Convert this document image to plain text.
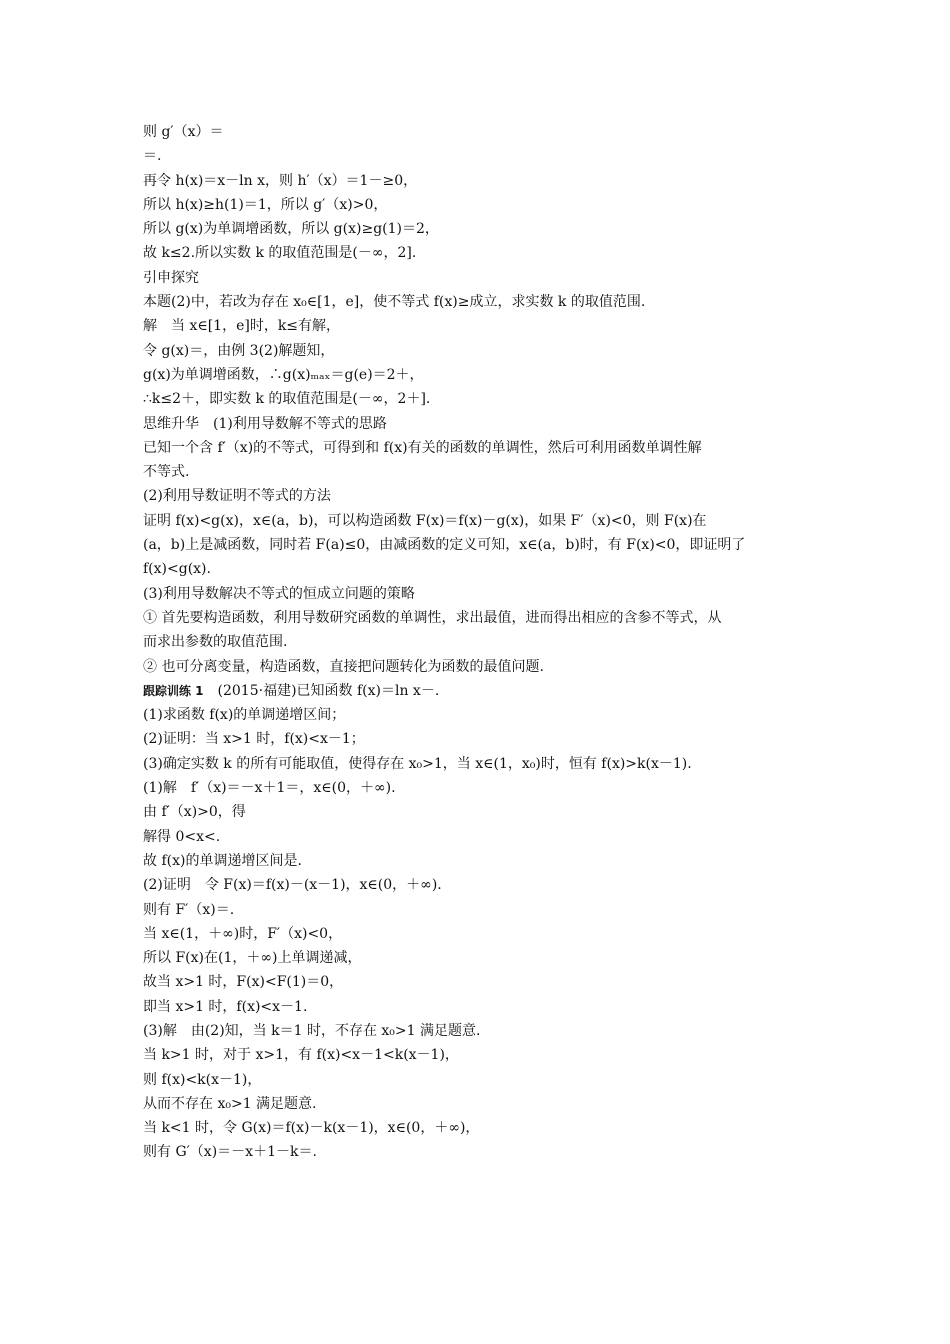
则 g′（x）＝
＝.
再令 h(x)＝x－ln x，则 h′（x）＝1－≥0，
所以 h(x)≥h(1)＝1，所以 g′（x)>0，
所以 g(x)为单调增函数，所以 g(x)≥g(1)＝2，
故 k≤2.所以实数 k 的取值范围是(－∞，2].
引申探究
本题(2)中，若改为存在 x₀∈[1，e]，使不等式 f(x)≥成立，求实数 k 的取值范围.
解　当 x∈[1，e]时，k≤有解，
令 g(x)＝，由例 3(2)解题知，
g(x)为单调增函数，∴g(x)ₘₐₓ＝g(e)＝2＋，
∴k≤2＋，即实数 k 的取值范围是(－∞，2＋].
思维升华　(1)利用导数解不等式的思路
已知一个含 f′（x)的不等式，可得到和 f(x)有关的函数的单调性，然后可利用函数单调性解
不等式.
(2)利用导数证明不等式的方法
证明 f(x)<g(x)，x∈(a，b)，可以构造函数 F(x)＝f(x)－g(x)，如果 F′（x)<0，则 F(x)在
(a，b)上是减函数，同时若 F(a)≤0，由减函数的定义可知，x∈(a，b)时，有 F(x)<0，即证明了
f(x)<g(x).
(3)利用导数解决不等式的恒成立问题的策略
① 首先要构造函数，利用导数研究函数的单调性，求出最值，进而得出相应的含参不等式，从
而求出参数的取值范围.
② 也可分离变量，构造函数，直接把问题转化为函数的最值问题.
跟踪训练 1　(2015·福建)已知函数 f(x)＝ln x－.
(1)求函数 f(x)的单调递增区间；
(2)证明：当 x>1 时，f(x)<x－1；
(3)确定实数 k 的所有可能取值，使得存在 x₀>1，当 x∈(1，x₀)时，恒有 f(x)>k(x－1).
(1)解　f′（x)＝－x＋1＝，x∈(0，＋∞).
由 f′（x)>0，得
解得 0<x<.
故 f(x)的单调递增区间是.
(2)证明　令 F(x)＝f(x)－(x－1)，x∈(0，＋∞).
则有 F′（x)＝.
当 x∈(1，＋∞)时，F′（x)<0，
所以 F(x)在(1，＋∞)上单调递减，
故当 x>1 时，F(x)<F(1)＝0，
即当 x>1 时，f(x)<x－1.
(3)解　由(2)知，当 k＝1 时，不存在 x₀>1 满足题意.
当 k>1 时，对于 x>1，有 f(x)<x－1<k(x－1)，
则 f(x)<k(x－1)，
从而不存在 x₀>1 满足题意.
当 k<1 时，令 G(x)＝f(x)－k(x－1)，x∈(0，＋∞)，
则有 G′（x)＝－x＋1－k＝.
